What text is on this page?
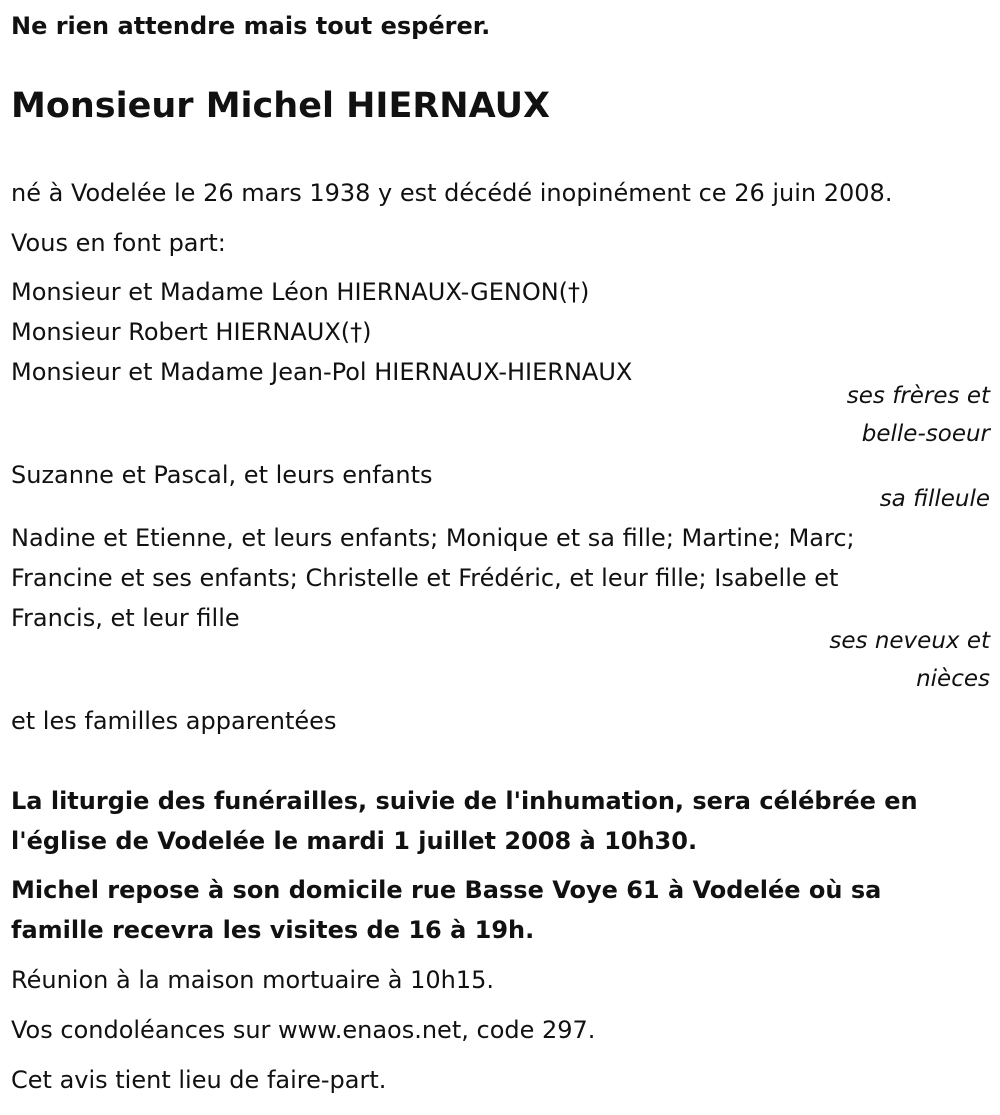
Ne rien attendre mais tout espérer.
Monsieur Michel HIERNAUX
né à Vodelée le 26 mars 1938 y est décédé inopinément ce 26 juin 2008.
Vous en font part:
Monsieur et Madame Léon HIERNAUX-GENON(†)
Monsieur Robert HIERNAUX(†)
Monsieur et Madame Jean-Pol HIERNAUX-HIERNAUX
ses frères et
belle-soeur
Suzanne et Pascal, et leurs enfants
sa filleule
Nadine et Etienne, et leurs enfants; Monique et sa fille; Martine; Marc;
Francine et ses enfants; Christelle et Frédéric, et leur fille; Isabelle et
Francis, et leur fille
ses neveux et
nièces
et les familles apparentées
La liturgie des funérailles, suivie de l'inhumation, sera célébrée en
l'église de Vodelée le mardi 1 juillet 2008 à 10h30.
Michel repose à son domicile rue Basse Voye 61 à Vodelée où sa
famille recevra les visites de 16 à 19h.
Réunion à la maison mortuaire à 10h15.
Vos condoléances sur www.enaos.net, code 297.
Cet avis tient lieu de faire-part.
